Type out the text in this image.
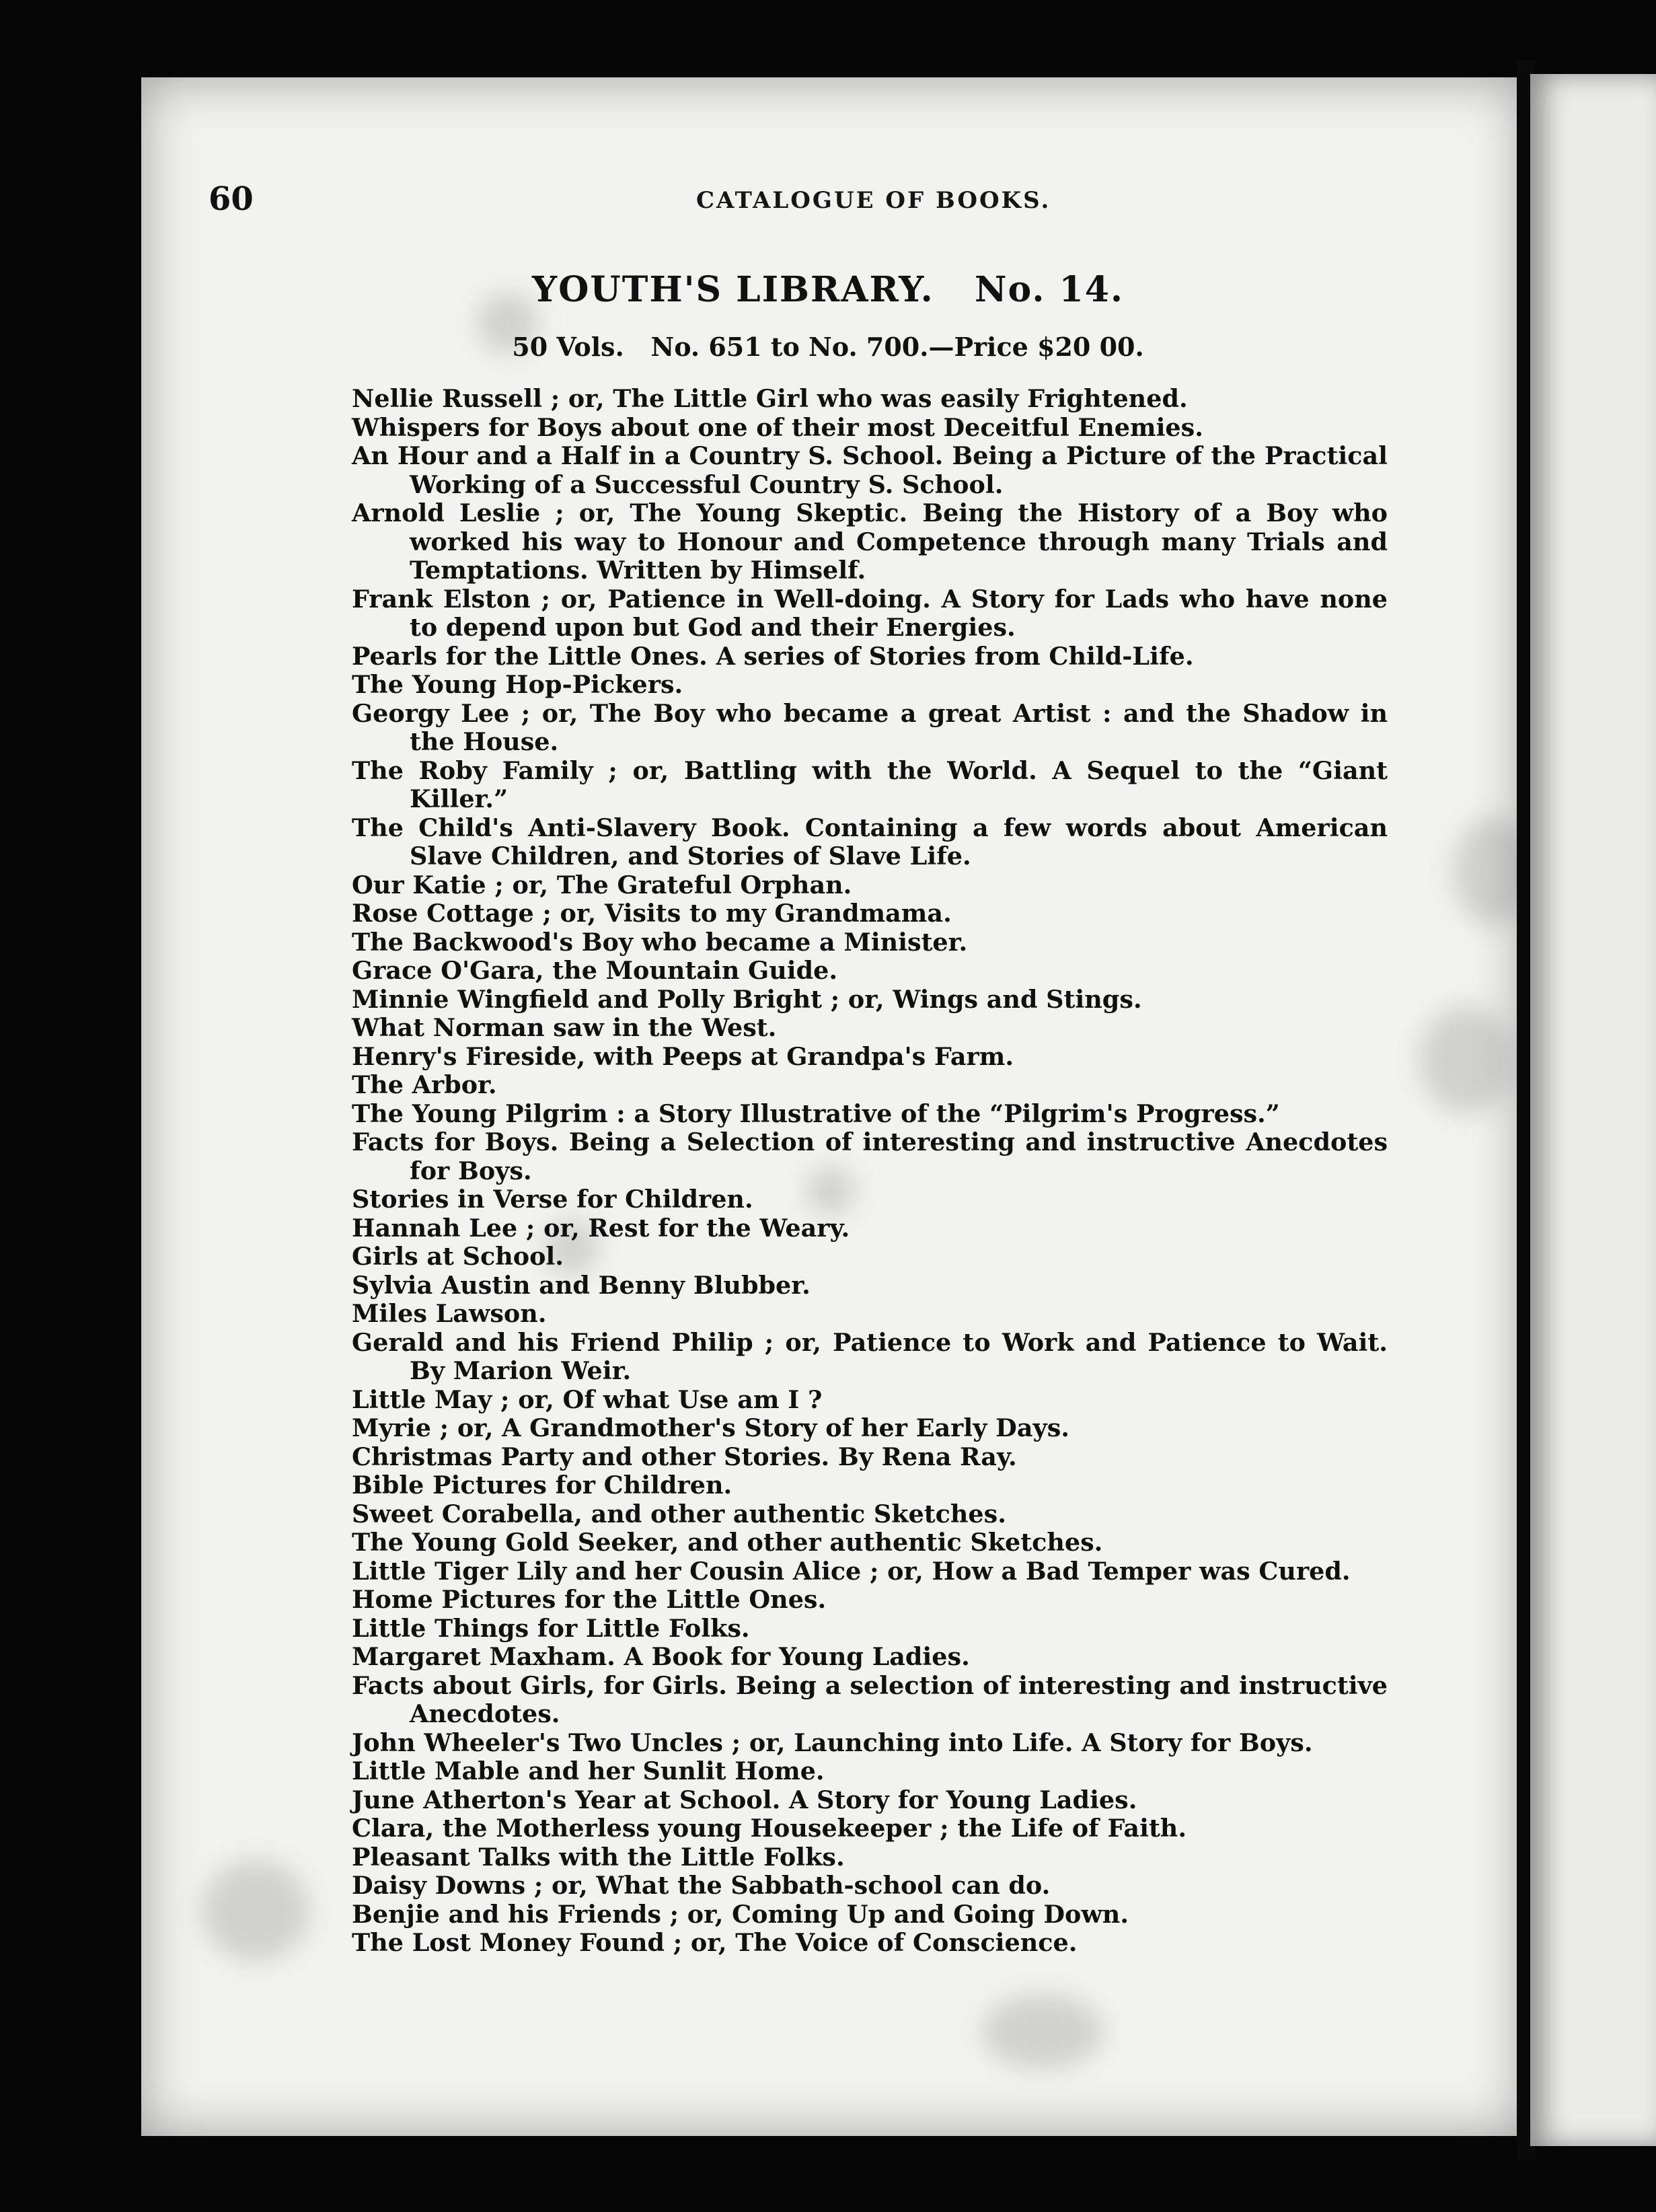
60	CATALOGUE OF BOOKS.
YOUTH'S LIBRARY.   No. 14.
50 Vols.   No. 651 to No. 700.—Price $20 00.
Nellie Russell ; or, The Little Girl who was easily Frightened.
Whispers for Boys about one of their most Deceitful Enemies.
An Hour and a Half in a Country S. School. Being a Picture of the Practical Working of a Successful Country S. School.
Arnold Leslie ; or, The Young Skeptic. Being the History of a Boy who worked his way to Honour and Competence through many Trials and Temptations. Written by Himself.
Frank Elston ; or, Patience in Well-doing. A Story for Lads who have none to depend upon but God and their Energies.
Pearls for the Little Ones. A series of Stories from Child-Life.
The Young Hop-Pickers.
Georgy Lee ; or, The Boy who became a great Artist : and the Shadow in the House.
The Roby Family ; or, Battling with the World. A Sequel to the “Giant Killer.”
The Child's Anti-Slavery Book. Containing a few words about American Slave Children, and Stories of Slave Life.
Our Katie ; or, The Grateful Orphan.
Rose Cottage ; or, Visits to my Grandmama.
The Backwood's Boy who became a Minister.
Grace O'Gara, the Mountain Guide.
Minnie Wingfield and Polly Bright ; or, Wings and Stings.
What Norman saw in the West.
Henry's Fireside, with Peeps at Grandpa's Farm.
The Arbor.
The Young Pilgrim : a Story Illustrative of the “Pilgrim's Progress.”
Facts for Boys. Being a Selection of interesting and instructive Anecdotes for Boys.
Stories in Verse for Children.
Hannah Lee ; or, Rest for the Weary.
Girls at School.
Sylvia Austin and Benny Blubber.
Miles Lawson.
Gerald and his Friend Philip ; or, Patience to Work and Patience to Wait. By Marion Weir.
Little May ; or, Of what Use am I ?
Myrie ; or, A Grandmother's Story of her Early Days.
Christmas Party and other Stories. By Rena Ray.
Bible Pictures for Children.
Sweet Corabella, and other authentic Sketches.
The Young Gold Seeker, and other authentic Sketches.
Little Tiger Lily and her Cousin Alice ; or, How a Bad Temper was Cured.
Home Pictures for the Little Ones.
Little Things for Little Folks.
Margaret Maxham. A Book for Young Ladies.
Facts about Girls, for Girls. Being a selection of interesting and instructive Anecdotes.
John Wheeler's Two Uncles ; or, Launching into Life. A Story for Boys.
Little Mable and her Sunlit Home.
June Atherton's Year at School. A Story for Young Ladies.
Clara, the Motherless young Housekeeper ; the Life of Faith.
Pleasant Talks with the Little Folks.
Daisy Downs ; or, What the Sabbath-school can do.
Benjie and his Friends ; or, Coming Up and Going Down.
The Lost Money Found ; or, The Voice of Conscience.
